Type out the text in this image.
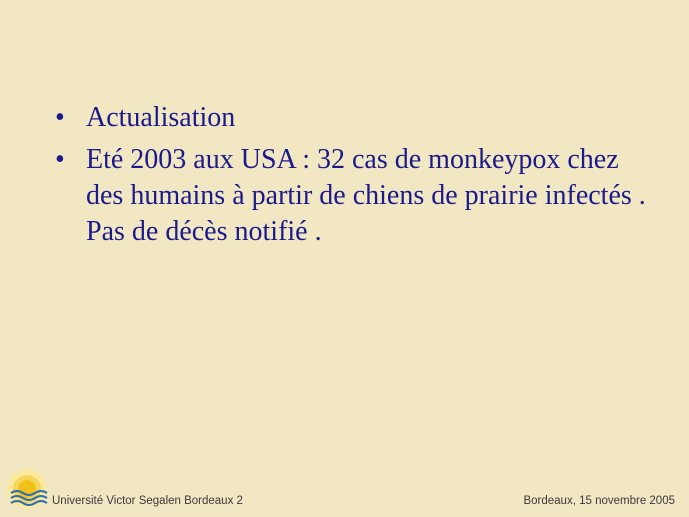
• Actualisation
• Eté 2003 aux USA : 32 cas de monkeypox chez des humains à partir de chiens de prairie infectés . Pas de décès notifié .
Université Victor Segalen Bordeaux 2	Bordeaux, 15 novembre 2005
